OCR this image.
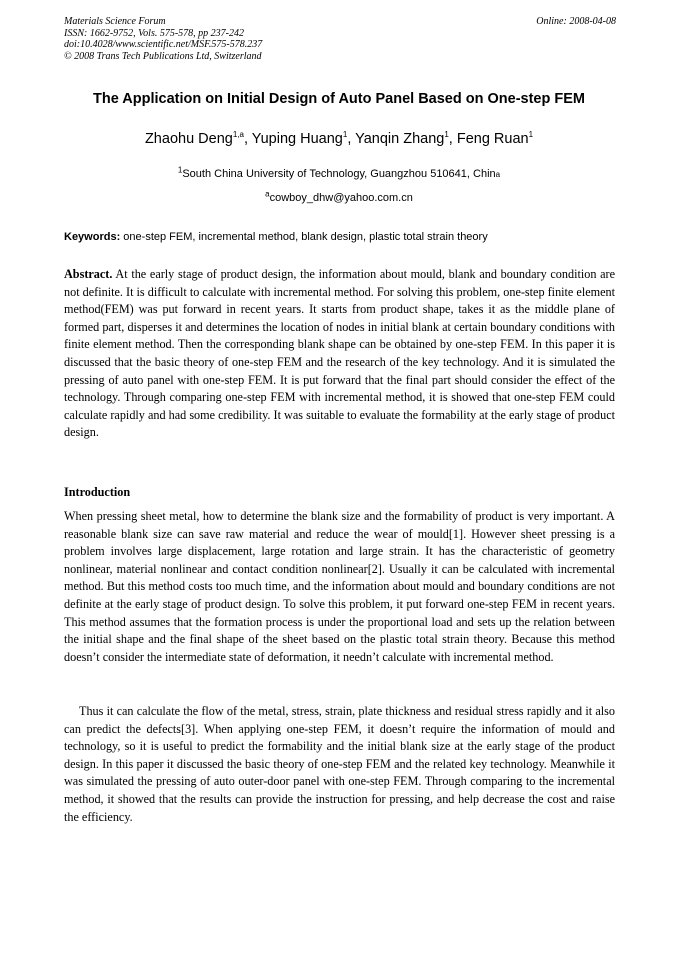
Materials Science Forum
ISSN: 1662-9752, Vols. 575-578, pp 237-242
doi:10.4028/www.scientific.net/MSF.575-578.237
© 2008 Trans Tech Publications Ltd, Switzerland
Online: 2008-04-08
The Application on Initial Design of Auto Panel Based on One-step FEM
Zhaohu Deng$^{1,a}$, Yuping Huang$^1$, Yanqin Zhang$^1$, Feng Ruan$^1$
$^1$South China University of Technology, Guangzhou 510641, China
$^a$cowboy_dhw@yahoo.com.cn
Keywords: one-step FEM, incremental method, blank design, plastic total strain theory
Abstract. At the early stage of product design, the information about mould, blank and boundary condition are not definite. It is difficult to calculate with incremental method. For solving this problem, one-step finite element method(FEM) was put forward in recent years. It starts from product shape, takes it as the middle plane of formed part, disperses it and determines the location of nodes in initial blank at certain boundary conditions with finite element method. Then the corresponding blank shape can be obtained by one-step FEM. In this paper it is discussed that the basic theory of one-step FEM and the research of the key technology. And it is simulated the pressing of auto panel with one-step FEM. It is put forward that the final part should consider the effect of the technology. Through comparing one-step FEM with incremental method, it is showed that one-step FEM could calculate rapidly and had some credibility. It was suitable to evaluate the formability at the early stage of product design.
Introduction
When pressing sheet metal, how to determine the blank size and the formability of product is very important. A reasonable blank size can save raw material and reduce the wear of mould[1]. However sheet pressing is a problem involves large displacement, large rotation and large strain. It has the characteristic of geometry nonlinear, material nonlinear and contact condition nonlinear[2]. Usually it can be calculated with incremental method. But this method costs too much time, and the information about mould and boundary conditions are not definite at the early stage of product design. To solve this problem, it put forward one-step FEM in recent years. This method assumes that the formation process is under the proportional load and sets up the relation between the initial shape and the final shape of the sheet based on the plastic total strain theory. Because this method doesn’t consider the intermediate state of deformation, it needn’t calculate with incremental method.
Thus it can calculate the flow of the metal, stress, strain, plate thickness and residual stress rapidly and it also can predict the defects[3]. When applying one-step FEM, it doesn’t require the information of mould and technology, so it is useful to predict the formability and the initial blank size at the early stage of the product design. In this paper it discussed the basic theory of one-step FEM and the related key technology. Meanwhile it was simulated the pressing of auto outer-door panel with one-step FEM. Through comparing to the incremental method, it showed that the results can provide the instruction for pressing, and help decrease the cost and raise the efficiency.
